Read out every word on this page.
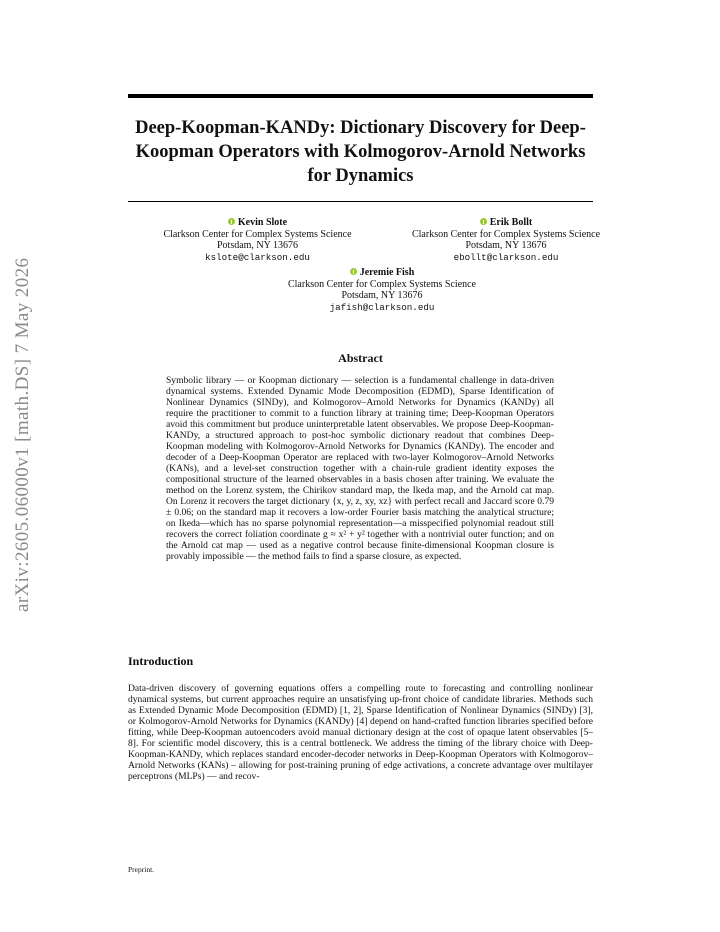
arXiv:2605.06000v1 [math.DS] 7 May 2026
Deep-Koopman-KANDy: Dictionary Discovery for Deep-Koopman Operators with Kolmogorov-Arnold Networks for Dynamics
Kevin Slote
Clarkson Center for Complex Systems Science
Potsdam, NY 13676
kslote@clarkson.edu
Erik Bollt
Clarkson Center for Complex Systems Science
Potsdam, NY 13676
ebollt@clarkson.edu
Jeremie Fish
Clarkson Center for Complex Systems Science
Potsdam, NY 13676
jafish@clarkson.edu
Abstract
Symbolic library — or Koopman dictionary — selection is a fundamental challenge in data-driven dynamical systems. Extended Dynamic Mode Decomposition (EDMD), Sparse Identification of Nonlinear Dynamics (SINDy), and Kolmogorov–Arnold Networks for Dynamics (KANDy) all require the practitioner to commit to a function library at training time; Deep-Koopman Operators avoid this commitment but produce uninterpretable latent observables. We propose Deep-Koopman-KANDy, a structured approach to post-hoc symbolic dictionary readout that combines Deep-Koopman modeling with Kolmogorov-Arnold Networks for Dynamics (KANDy). The encoder and decoder of a Deep-Koopman Operator are replaced with two-layer Kolmogorov–Arnold Networks (KANs), and a level-set construction together with a chain-rule gradient identity exposes the compositional structure of the learned observables in a basis chosen after training. We evaluate the method on the Lorenz system, the Chirikov standard map, the Ikeda map, and the Arnold cat map. On Lorenz it recovers the target dictionary {x, y, z, xy, xz} with perfect recall and Jaccard score 0.79 ± 0.06; on the standard map it recovers a low-order Fourier basis matching the analytical structure; on Ikeda—which has no sparse polynomial representation—a misspecified polynomial readout still recovers the correct foliation coordinate g ≈ x² + y² together with a nontrivial outer function; and on the Arnold cat map — used as a negative control because finite-dimensional Koopman closure is provably impossible — the method fails to find a sparse closure, as expected.
Introduction
Data-driven discovery of governing equations offers a compelling route to forecasting and controlling nonlinear dynamical systems, but current approaches require an unsatisfying up-front choice of candidate libraries. Methods such as Extended Dynamic Mode Decomposition (EDMD) [1, 2], Sparse Identification of Nonlinear Dynamics (SINDy) [3], or Kolmogorov-Arnold Networks for Dynamics (KANDy) [4] depend on hand-crafted function libraries specified before fitting, while Deep-Koopman autoencoders avoid manual dictionary design at the cost of opaque latent observables [5–8]. For scientific model discovery, this is a central bottleneck. We address the timing of the library choice with Deep-Koopman-KANDy, which replaces standard encoder-decoder networks in Deep-Koopman Operators with Kolmogorov–Arnold Networks (KANs) – allowing for post-training pruning of edge activations, a concrete advantage over multilayer perceptrons (MLPs) — and recov-
Preprint.
